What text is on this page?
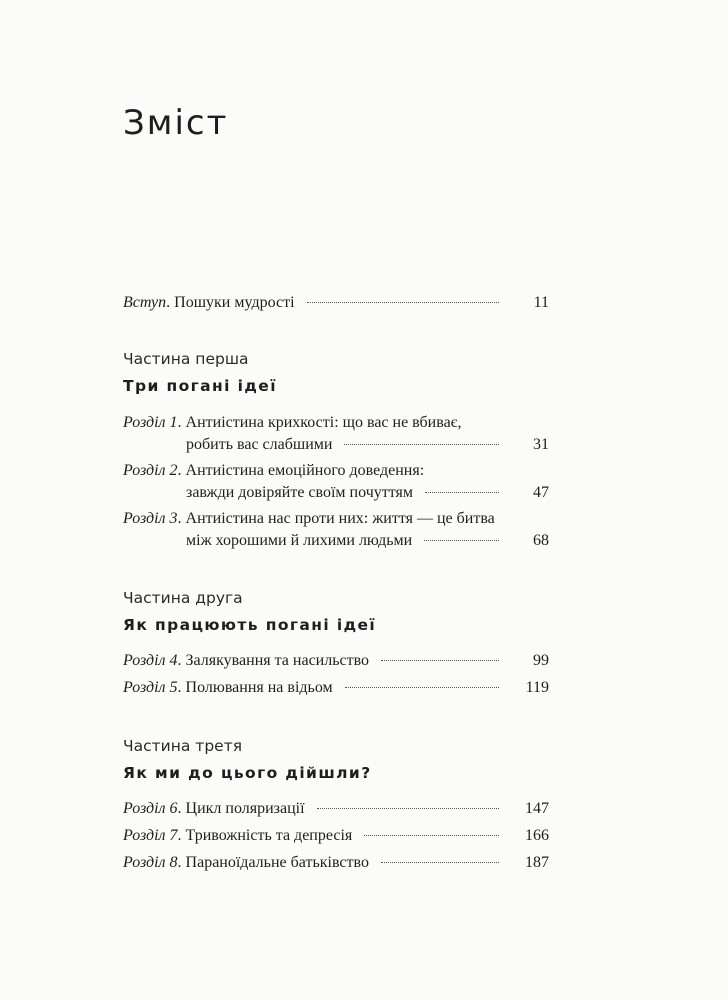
Зміст
Вступ. Пошуки мудрості	11
Частина перша
Три погані ідеї
Розділ 1. Антиістина крихкості: що вас не вбиває,
робить вас слабшими	31
Розділ 2. Антиістина емоційного доведення:
завжди довіряйте своїм почуттям	47
Розділ 3. Антиістина нас проти них: життя — це битва
між хорошими й лихими людьми	68
Частина друга
Як працюють погані ідеї
Розділ 4. Залякування та насильство	99
Розділ 5. Полювання на відьом	119
Частина третя
Як ми до цього дійшли?
Розділ 6. Цикл поляризації	147
Розділ 7. Тривожність та депресія	166
Розділ 8. Параноїдальне батьківство	187
